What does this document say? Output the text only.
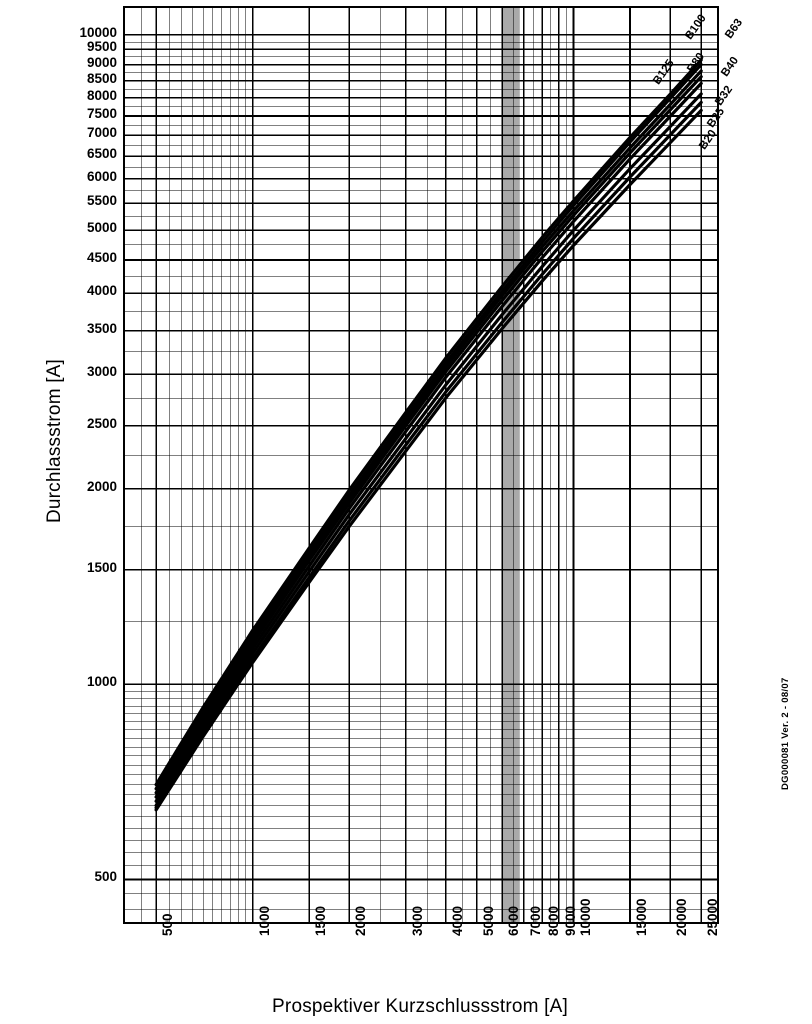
Durchlassstrom [A]
Prospektiver Kurzschlussstrom [A]
500
1000
1500
2000
2500
3000
3500
4000
4500
5000
5500
6000
6500
7000
7500
8000
8500
9000
9500
10000
500	1000	1500 2000	3000 4000 5000 6000 7000 8000 9000 10000	15000 20000 25000
B100 B63
B80 B40
B125
B32
B25
B20
DG000081 Ver. 2 - 08/07
